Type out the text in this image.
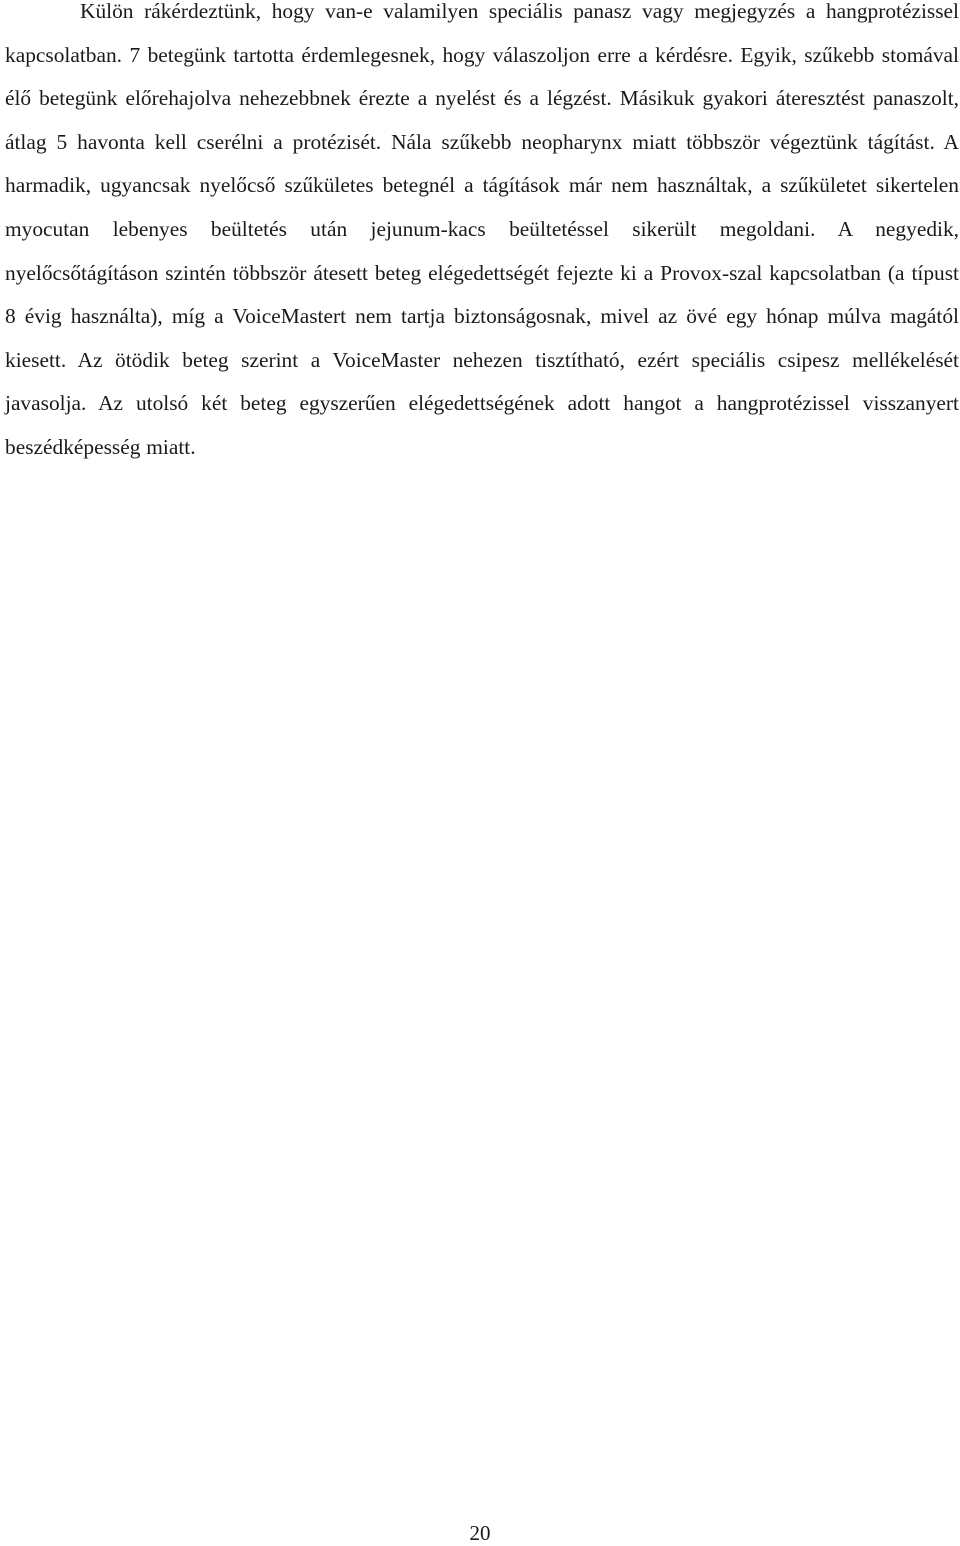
Külön rákérdeztünk, hogy van-e valamilyen speciális panasz vagy megjegyzés a hangprotézissel kapcsolatban. 7 betegünk tartotta érdemlegesnek, hogy válaszoljon erre a kérdésre. Egyik, szűkebb stomával élő betegünk előrehajolva nehezebbnek érezte a nyelést és a légzést. Másikuk gyakori áteresztést panaszolt, átlag 5 havonta kell cserélni a protézisét. Nála szűkebb neopharynx miatt többször végeztünk tágítást. A harmadik, ugyancsak nyelőcső szűkületes betegnél a tágítások már nem használtak, a szűkületet sikertelen myocutan lebenyes beültetés után jejunum-kacs beültetéssel sikerült megoldani. A negyedik, nyelőcsőtágításon szintén többször átesett beteg elégedettségét fejezte ki a Provox-szal kapcsolatban (a típust 8 évig használta), míg a VoiceMastert nem tartja biztonságosnak, mivel az övé egy hónap múlva magától kiesett. Az ötödik beteg szerint a VoiceMaster nehezen tisztítható, ezért speciális csipesz mellékelését javasolja. Az utolsó két beteg egyszerűen elégedettségének adott hangot a hangprotézissel visszanyert beszédképesség miatt.

20
